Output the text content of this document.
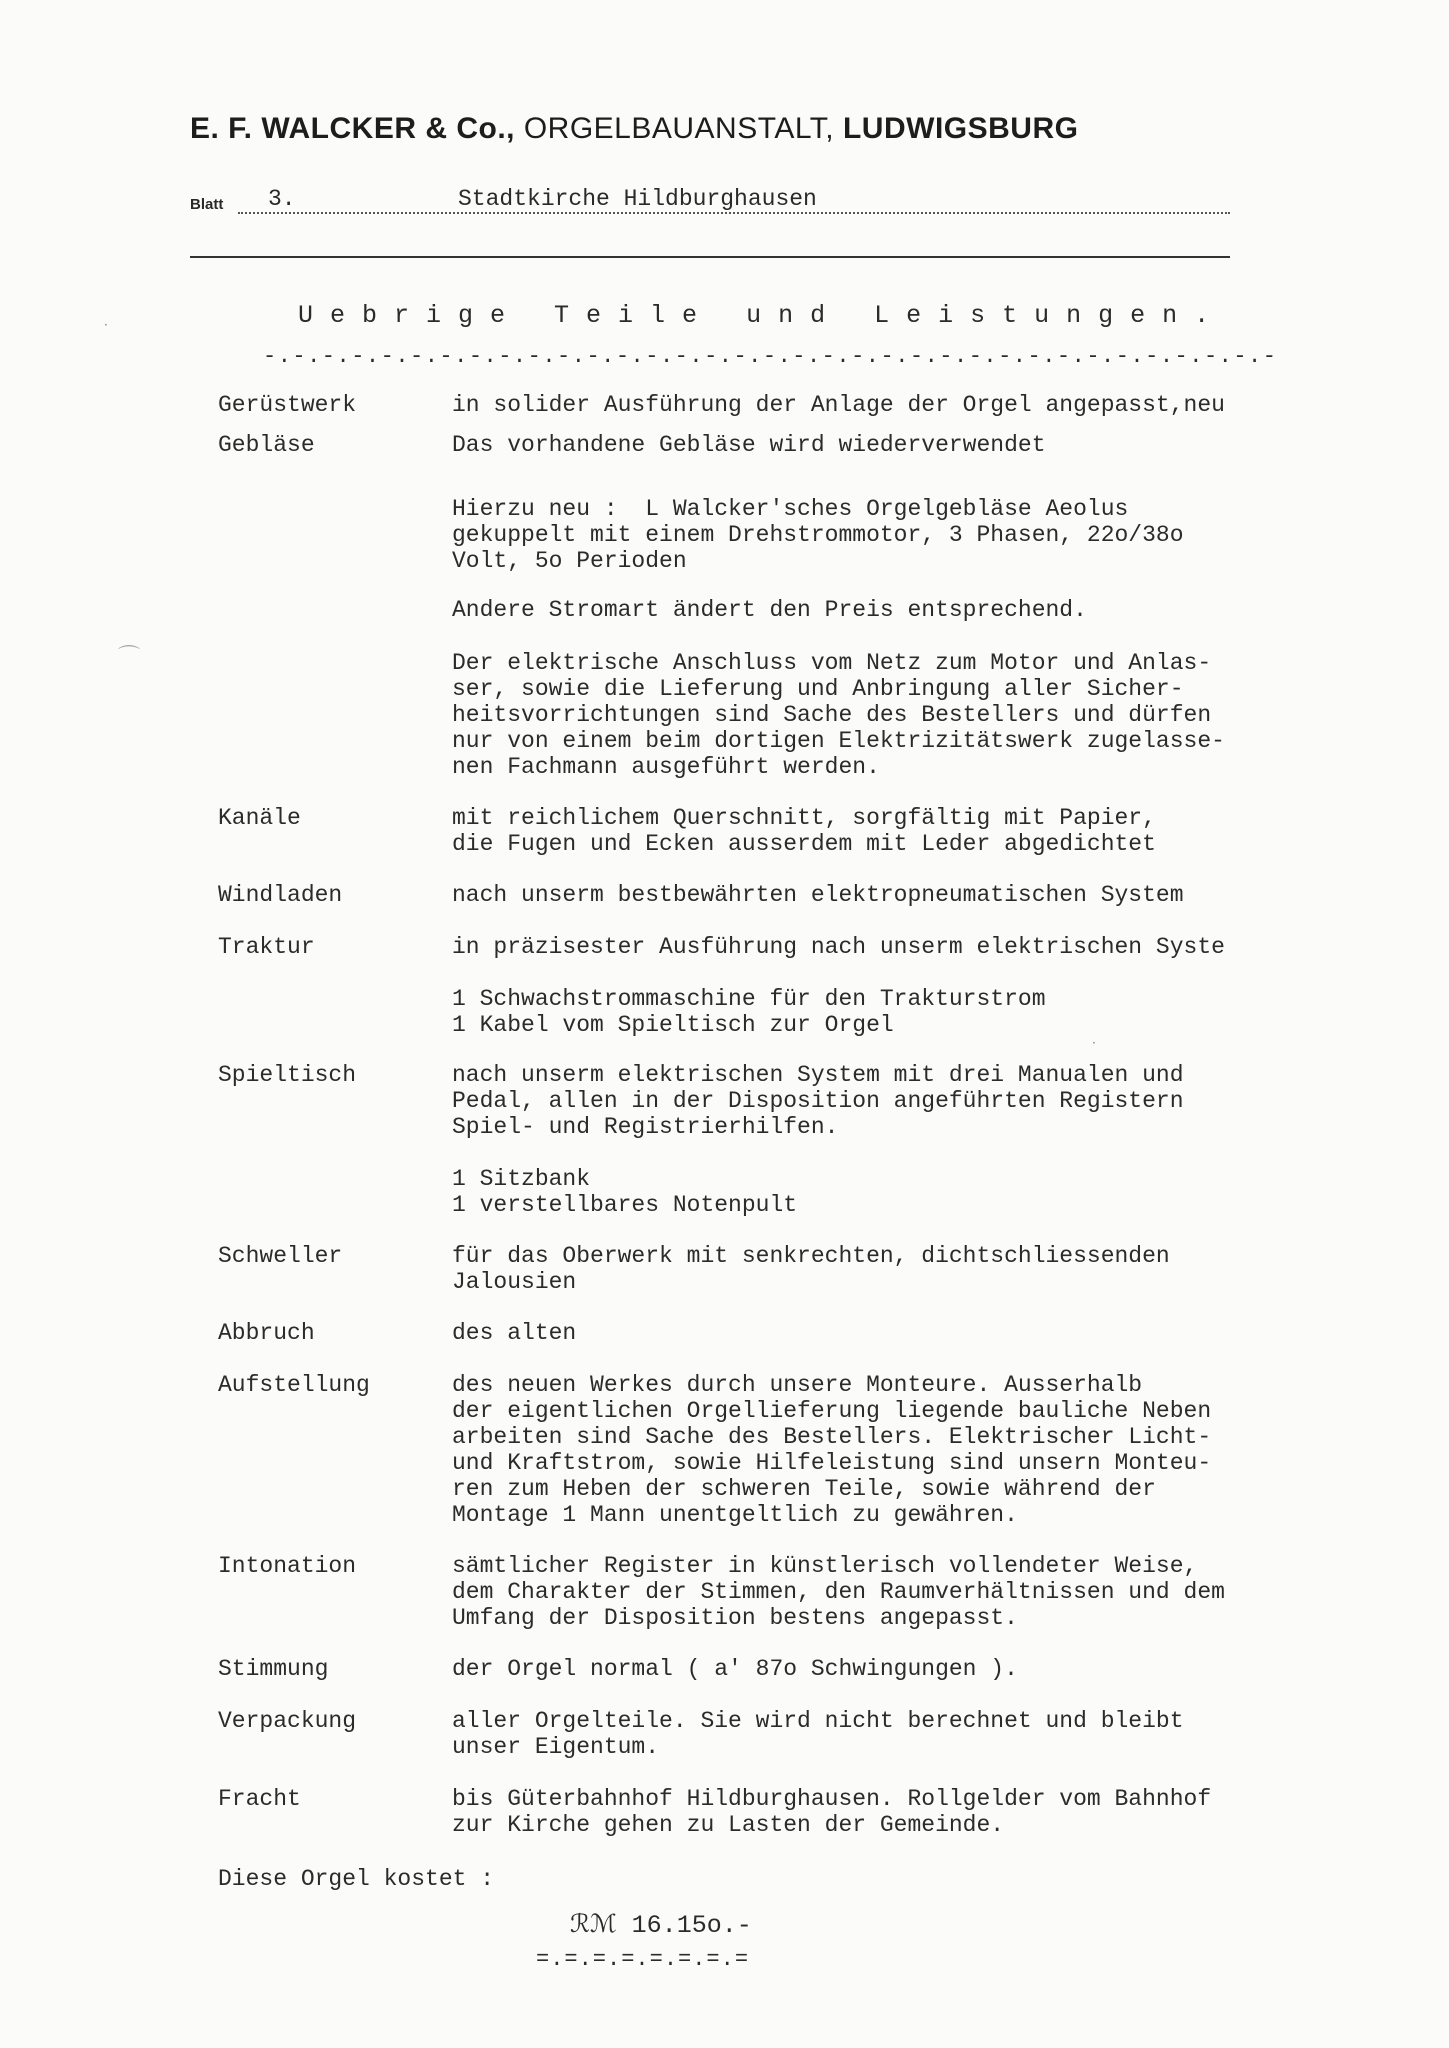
E. F. WALCKER & Co., ORGELBAUANSTALT, LUDWIGSBURG
Blatt 3.	Stadtkirche Hildburghausen
U e b r i g e   T e i l e   u n d   L e i s t u n g e n .
-.-.-.-.-.-.-.-.-.-.-.-.-.-.-.-.-.-.-.-.-.-.-.-.-.-.-.-.-.-.-.-.-.-.-
Gerüstwerk	in solider Ausführung der Anlage der Orgel angepasst,neu
Gebläse	Das vorhandene Gebläse wird wiederverwendet
Hierzu neu :  L Walcker'sches Orgelgebläse Aeolus
gekuppelt mit einem Drehstrommotor, 3 Phasen, 22o/38o
Volt, 5o Perioden
Andere Stromart ändert den Preis entsprechend.
Der elektrische Anschluss vom Netz zum Motor und Anlas-
ser, sowie die Lieferung und Anbringung aller Sicher-
heitsvorrichtungen sind Sache des Bestellers und dürfen
nur von einem beim dortigen Elektrizitätswerk zugelasse-
nen Fachmann ausgeführt werden.
Kanäle	mit reichlichem Querschnitt, sorgfältig mit Papier,
die Fugen und Ecken ausserdem mit Leder abgedichtet
Windladen	nach unserm bestbewährten elektropneumatischen System
Traktur	in präzisester Ausführung nach unserm elektrischen Syste
1 Schwachstrommaschine für den Trakturstrom
1 Kabel vom Spieltisch zur Orgel
Spieltisch	nach unserm elektrischen System mit drei Manualen und
Pedal, allen in der Disposition angeführten Registern
Spiel- und Registrierhilfen.
1 Sitzbank
1 verstellbares Notenpult
Schweller	für das Oberwerk mit senkrechten, dichtschliessenden
Jalousien
Abbruch	des alten
Aufstellung	des neuen Werkes durch unsere Monteure. Ausserhalb
der eigentlichen Orgellieferung liegende bauliche Neben
arbeiten sind Sache des Bestellers. Elektrischer Licht-
und Kraftstrom, sowie Hilfeleistung sind unsern Monteu-
ren zum Heben der schweren Teile, sowie während der
Montage 1 Mann unentgeltlich zu gewähren.
Intonation	sämtlicher Register in künstlerisch vollendeter Weise,
dem Charakter der Stimmen, den Raumverhältnissen und dem
Umfang der Disposition bestens angepasst.
Stimmung	der Orgel normal ( a' 87o Schwingungen ).
Verpackung	aller Orgelteile. Sie wird nicht berechnet und bleibt
unser Eigentum.
Fracht	bis Güterbahnhof Hildburghausen. Rollgelder vom Bahnhof
zur Kirche gehen zu Lasten der Gemeinde.
Diese Orgel kostet :
ℛℳ 16.15o.-
=.=.=.=.=.=.=.=
·
⌒
·
